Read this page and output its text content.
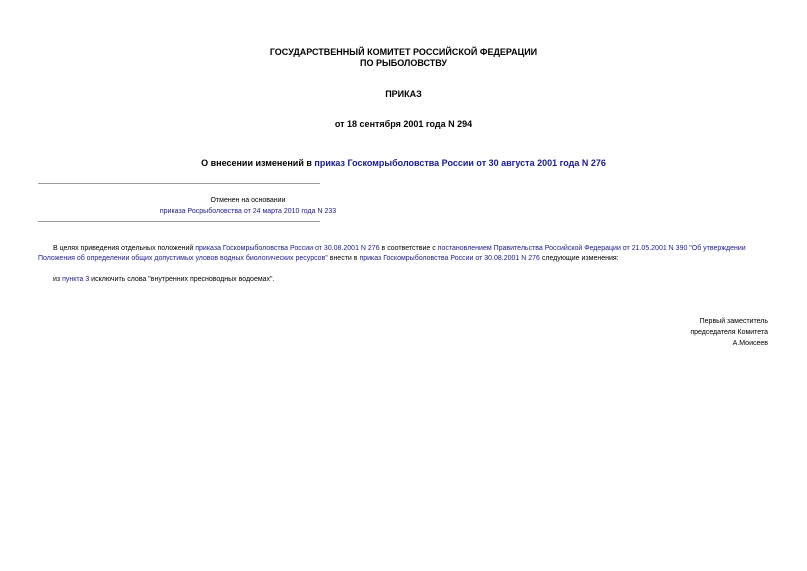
ГОСУДАРСТВЕННЫЙ КОМИТЕТ РОССИЙСКОЙ ФЕДЕРАЦИИ
ПО РЫБОЛОВСТВУ
ПРИКАЗ
от 18 сентября 2001 года N 294
О внесении изменений в приказ Госкомрыболовства России от 30 августа 2001 года N 276
Отменен на основании
приказа Росрыболовства от 24 марта 2010 года N 233
В целях приведения отдельных положений приказа Госкомрыболовства России от 30.08.2001 N 276 в соответствие с постановлением Правительства Российской Федерации от 21.05.2001 N 390 "Об утверждении Положения об определении общих допустимых уловов водных биологических ресурсов" внести в приказ Госкомрыболовства России от 30.08.2001 N 276 следующие изменения:
из пункта 3 исключить слова "внутренних пресноводных водоемах".
Первый заместитель
председателя Комитета
А.Моисеев
